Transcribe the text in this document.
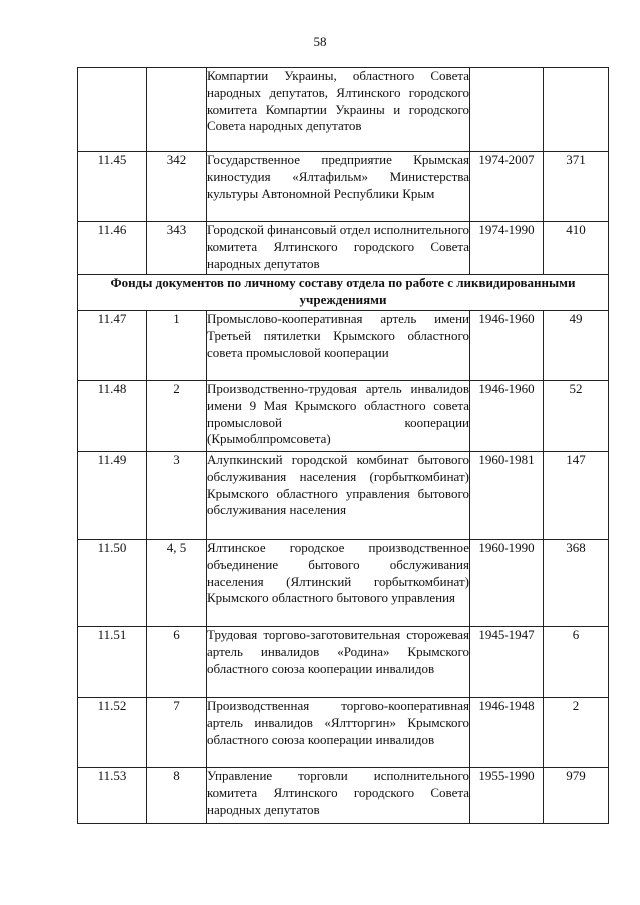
58
		Компартии Украины, областного Совета народных депутатов, Ялтинского городского комитета Компартии Украины и городского Совета народных депутатов		
11.45	342	Государственное предприятие Крымская киностудия «Ялтафильм» Министерства культуры Автономной Республики Крым	1974-2007	371
11.46	343	Городской финансовый отдел исполнительного комитета Ялтинского городского Совета народных депутатов	1974-1990	410
Фонды документов по личному составу отдела по работе с ликвидированными учреждениями				
11.47	1	Промыслово-кооперативная артель имени Третьей пятилетки Крымского областного совета промысловой кооперации	1946-1960	49
11.48	2	Производственно-трудовая артель инвалидов имени 9 Мая Крымского областного совета промысловой кооперации (Крымоблпромсовета)	1946-1960	52
11.49	3	Алупкинский городской комбинат бытового обслуживания населения (горбыткомбинат) Крымского областного управления бытового обслуживания населения	1960-1981	147
11.50	4, 5	Ялтинское городское производственное объединение бытового обслуживания населения (Ялтинский горбыткомбинат) Крымского областного бытового управления	1960-1990	368
11.51	6	Трудовая торгово-заготовительная сторожевая артель инвалидов «Родина» Крымского областного союза кооперации инвалидов	1945-1947	6
11.52	7	Производственная торгово-кооперативная артель инвалидов «Ялтторгин» Крымского областного союза кооперации инвалидов	1946-1948	2
11.53	8	Управление торговли исполнительного комитета Ялтинского городского Совета народных депутатов	1955-1990	979
